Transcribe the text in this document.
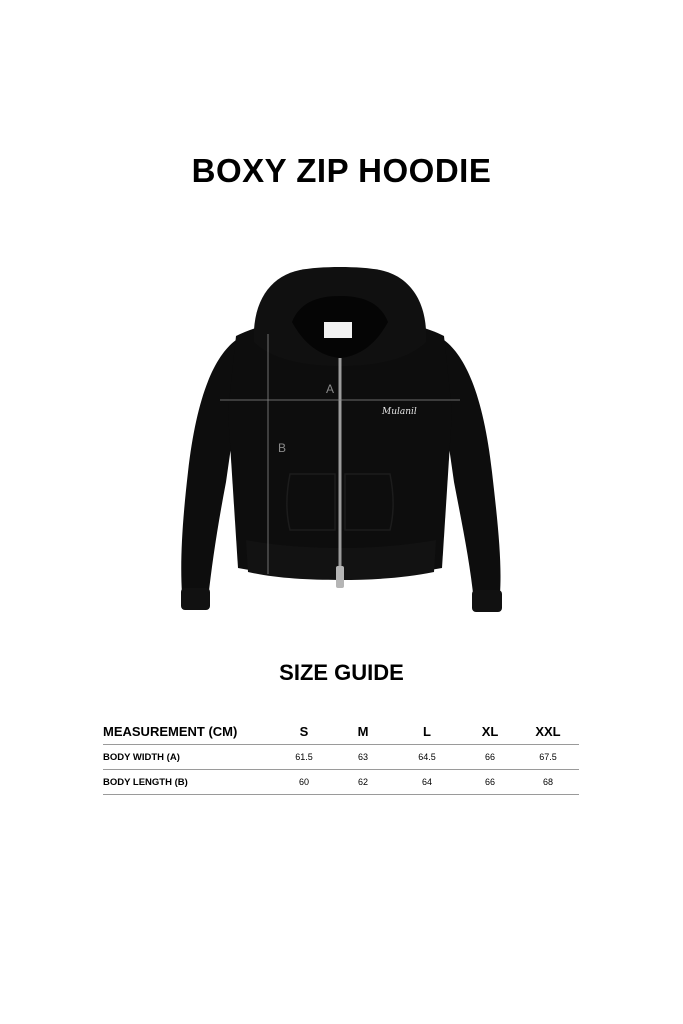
BOXY ZIP HOODIE
Mulanil
A
B
SIZE GUIDE
MEASUREMENT (CM)	S	M	L	XL	XXL
BODY WIDTH (A)	61.5	63	64.5	66	67.5
BODY LENGTH (B)	60	62	64	66	68
